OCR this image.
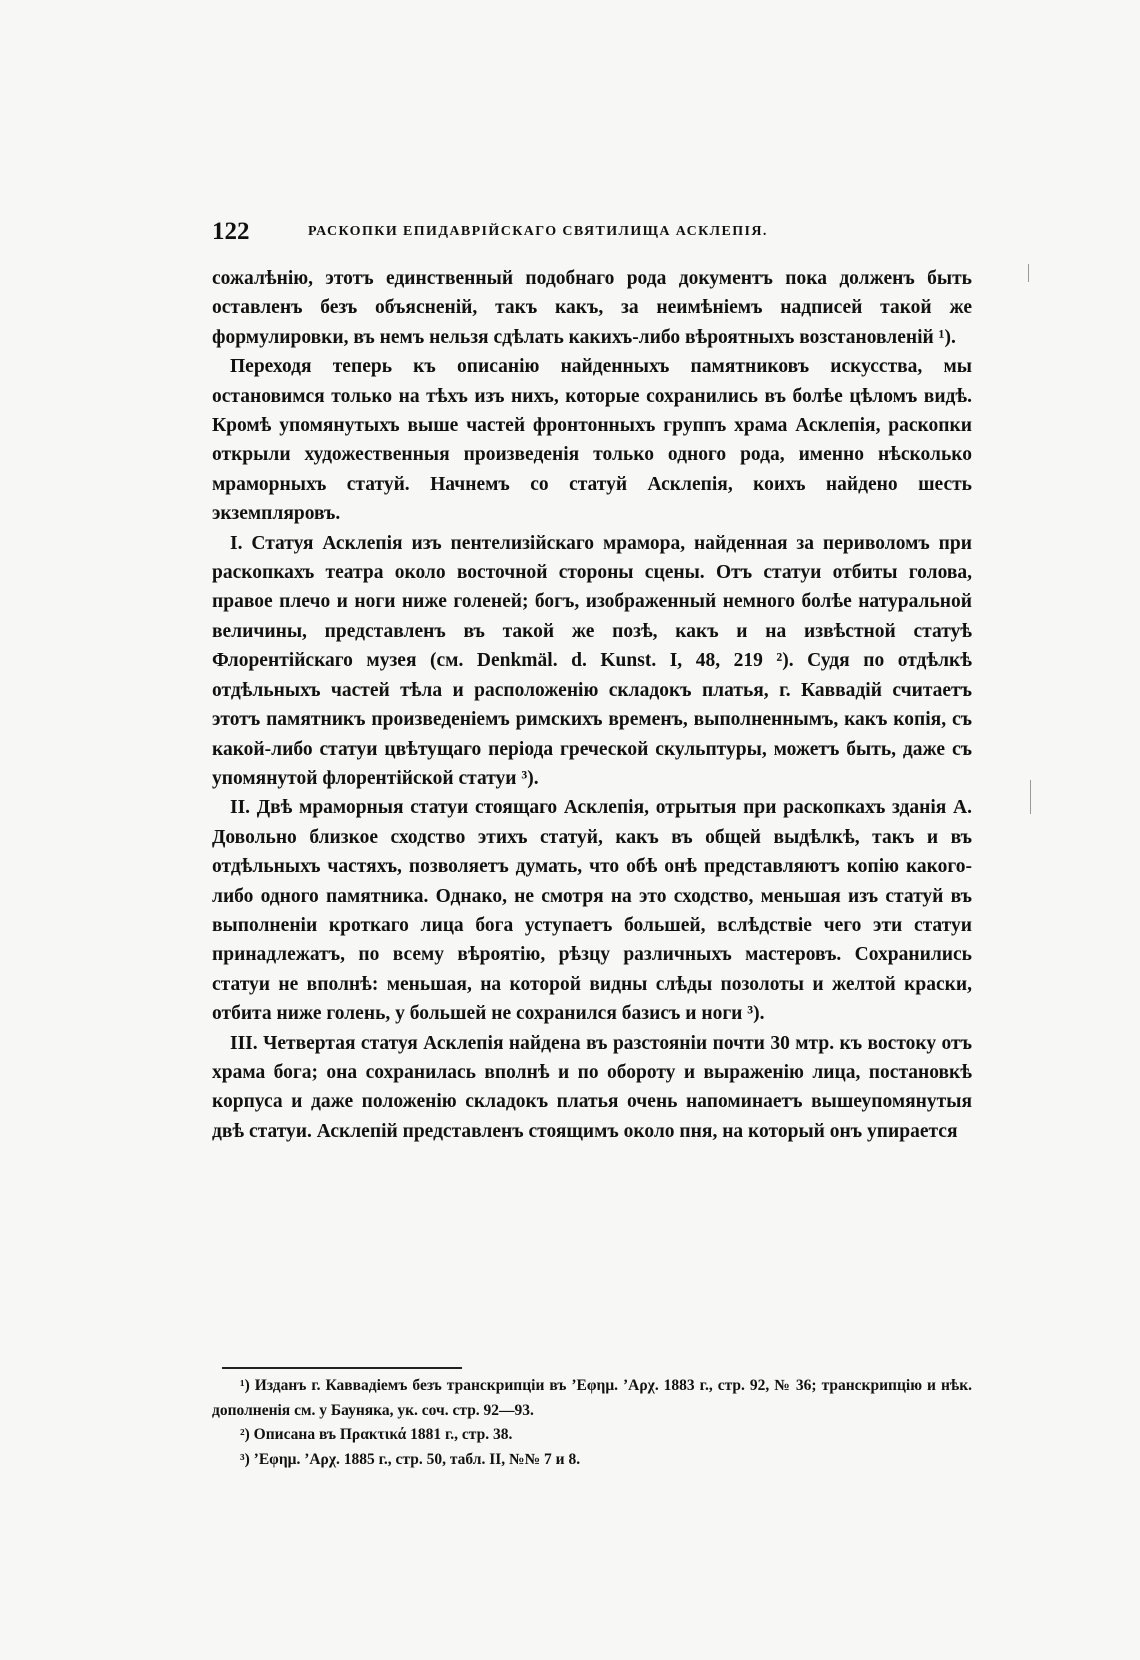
122	РАСКОПКИ ЕПИДАВРІЙСКАГО СВЯТИЛИЩА АСКЛЕПІЯ.

сожалѣнію, этотъ единственный подобнаго рода документъ пока долженъ быть оставленъ безъ объясненій, такъ какъ, за неимѣніемъ надписей такой же формулировки, въ немъ нельзя сдѣлать какихъ-либо вѣроятныхъ возстановленій ¹).

Переходя теперь къ описанію найденныхъ памятниковъ искусства, мы остановимся только на тѣхъ изъ нихъ, которые сохранились въ болѣе цѣломъ видѣ. Кромѣ упомянутыхъ выше частей фронтонныхъ группъ храма Асклепія, раскопки открыли художественныя произведенія только одного рода, именно нѣсколько мраморныхъ статуй. Начнемъ со статуй Асклепія, коихъ найдено шесть экземпляровъ.

I. Статуя Асклепія изъ пентелизійскаго мрамора, найденная за периволомъ при раскопкахъ театра около восточной стороны сцены. Отъ статуи отбиты голова, правое плечо и ноги ниже голеней; богъ, изображенный немного болѣе натуральной величины, представленъ въ такой же позѣ, какъ и на извѣстной статуѣ Флорентійскаго музея (см. Denkmäl. d. Kunst. I, 48, 219 ²). Судя по отдѣлкѣ отдѣльныхъ частей тѣла и расположенію складокъ платья, г. Каввадій считаетъ этотъ памятникъ произведеніемъ римскихъ временъ, выполненнымъ, какъ копія, съ какой-либо статуи цвѣтущаго періода греческой скульптуры, можетъ быть, даже съ упомянутой флорентійской статуи ³).

II. Двѣ мраморныя статуи стоящаго Асклепія, отрытыя при раскопкахъ зданія А. Довольно близкое сходство этихъ статуй, какъ въ общей выдѣлкѣ, такъ и въ отдѣльныхъ частяхъ, позволяетъ думать, что обѣ онѣ представляютъ копію какого-либо одного памятника. Однако, не смотря на это сходство, меньшая изъ статуй въ выполненіи кроткаго лица бога уступаетъ большей, вслѣдствіе чего эти статуи принадлежатъ, по всему вѣроятію, рѣзцу различныхъ мастеровъ. Сохранились статуи не вполнѣ: меньшая, на которой видны слѣды позолоты и желтой краски, отбита ниже голень, у большей не сохранился базисъ и ноги ³).

III. Четвертая статуя Асклепія найдена въ разстояніи почти 30 мтр. къ востоку отъ храма бога; она сохранилась вполнѣ и по обороту и выраженію лица, постановкѣ корпуса и даже положенію складокъ платья очень напоминаетъ вышеупомянутыя двѣ статуи. Асклепій представленъ стоящимъ около пня, на который онъ упирается

¹) Изданъ г. Каввадіемъ безъ транскрипціи въ ’Εφημ. ’Αρχ. 1883 г., стр. 92, № 36; транскрипцію и нѣк. дополненія см. у Бауняка, ук. соч. стр. 92—93.

²) Описана въ Πρακτικά 1881 г., стр. 38.

³) ’Εφημ. ’Αρχ. 1885 г., стр. 50, табл. II, №№ 7 и 8.
